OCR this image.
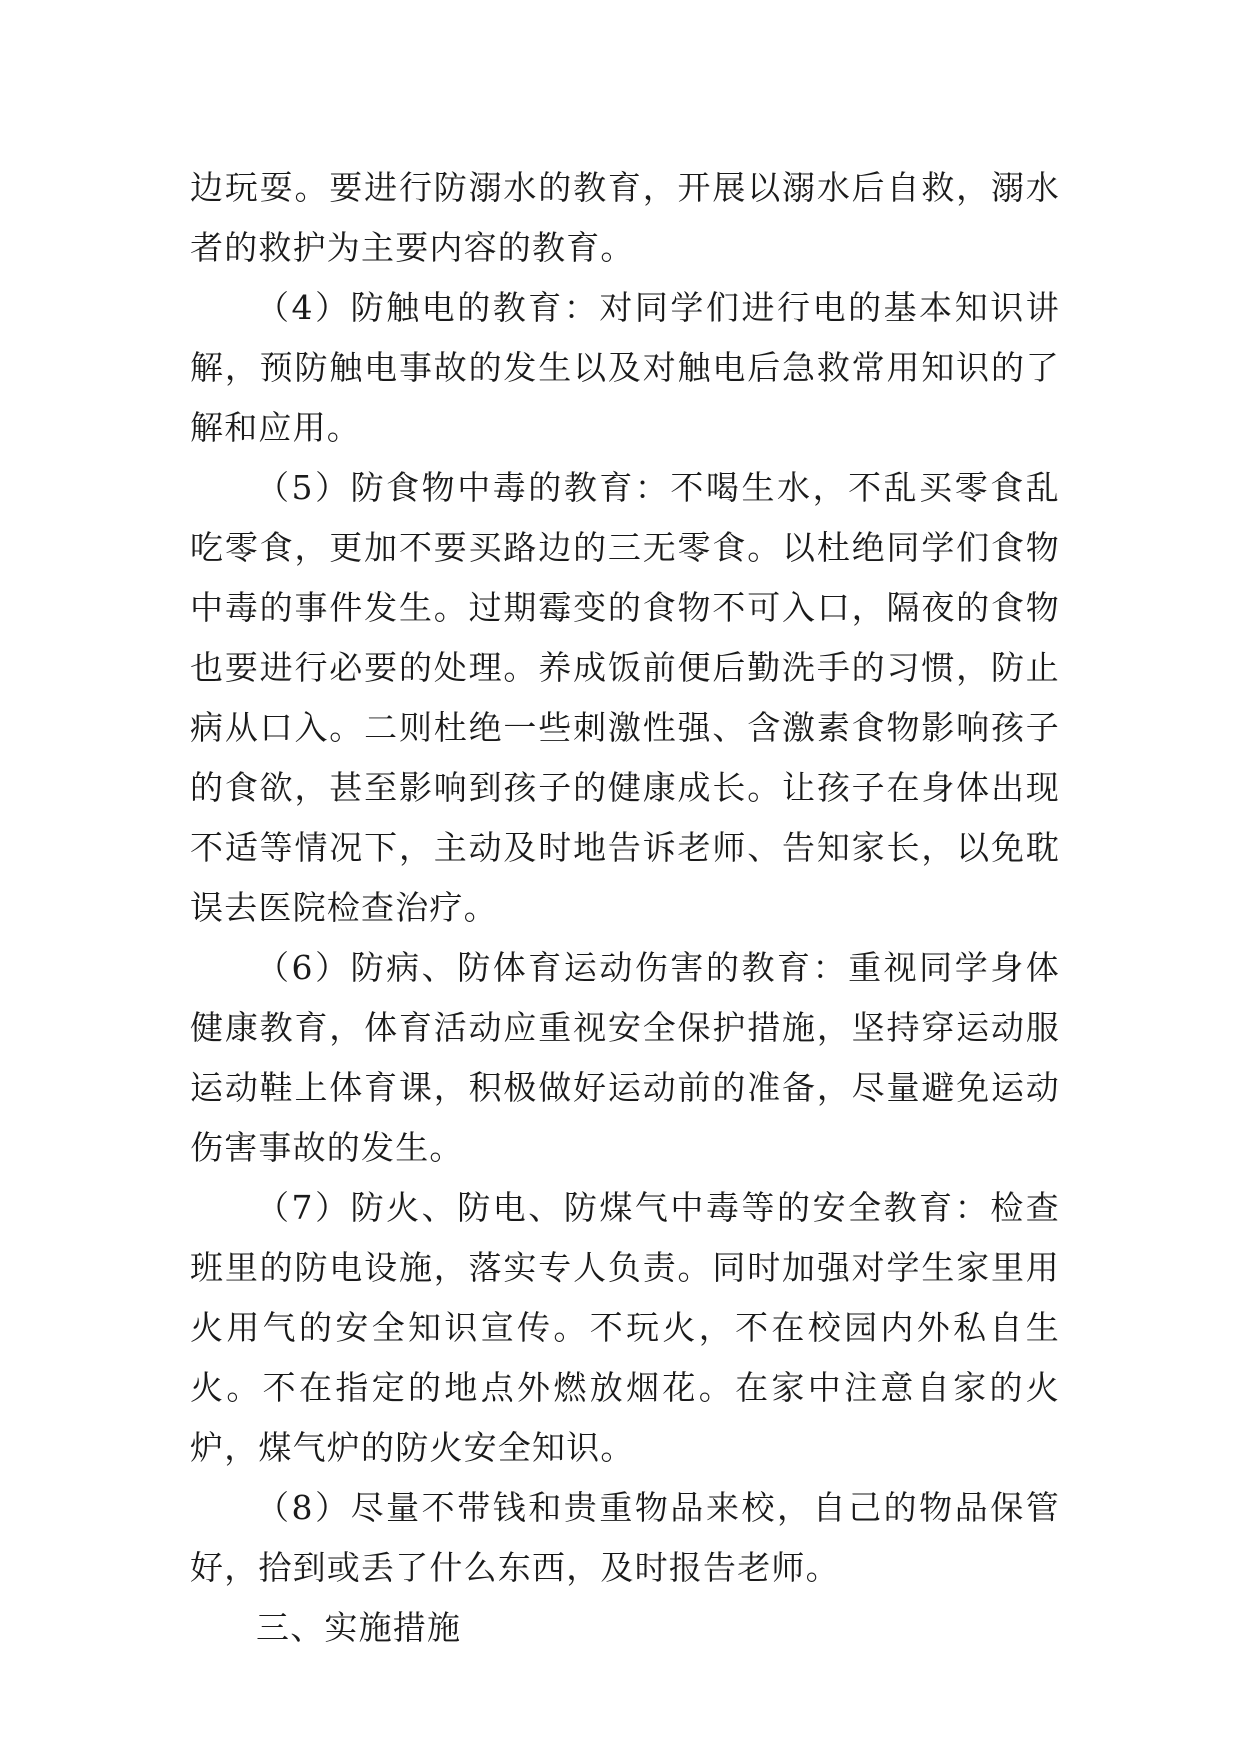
边玩耍。要进行防溺水的教育，开展以溺水后自救，溺水者的救护为主要内容的教育。

（4）防触电的教育：对同学们进行电的基本知识讲解，预防触电事故的发生以及对触电后急救常用知识的了解和应用。

（5）防食物中毒的教育：不喝生水，不乱买零食乱吃零食，更加不要买路边的三无零食。以杜绝同学们食物中毒的事件发生。过期霉变的食物不可入口，隔夜的食物也要进行必要的处理。养成饭前便后勤洗手的习惯，防止病从口入。二则杜绝一些刺激性强、含激素食物影响孩子的食欲，甚至影响到孩子的健康成长。让孩子在身体出现不适等情况下，主动及时地告诉老师、告知家长，以免耽误去医院检查治疗。

（6）防病、防体育运动伤害的教育：重视同学身体健康教育，体育活动应重视安全保护措施，坚持穿运动服运动鞋上体育课，积极做好运动前的准备，尽量避免运动伤害事故的发生。

（7）防火、防电、防煤气中毒等的安全教育：检查班里的防电设施，落实专人负责。同时加强对学生家里用火用气的安全知识宣传。不玩火，不在校园内外私自生火。不在指定的地点外燃放烟花。在家中注意自家的火炉，煤气炉的防火安全知识。

（8）尽量不带钱和贵重物品来校，自己的物品保管好，拾到或丢了什么东西，及时报告老师。

三、实施措施
